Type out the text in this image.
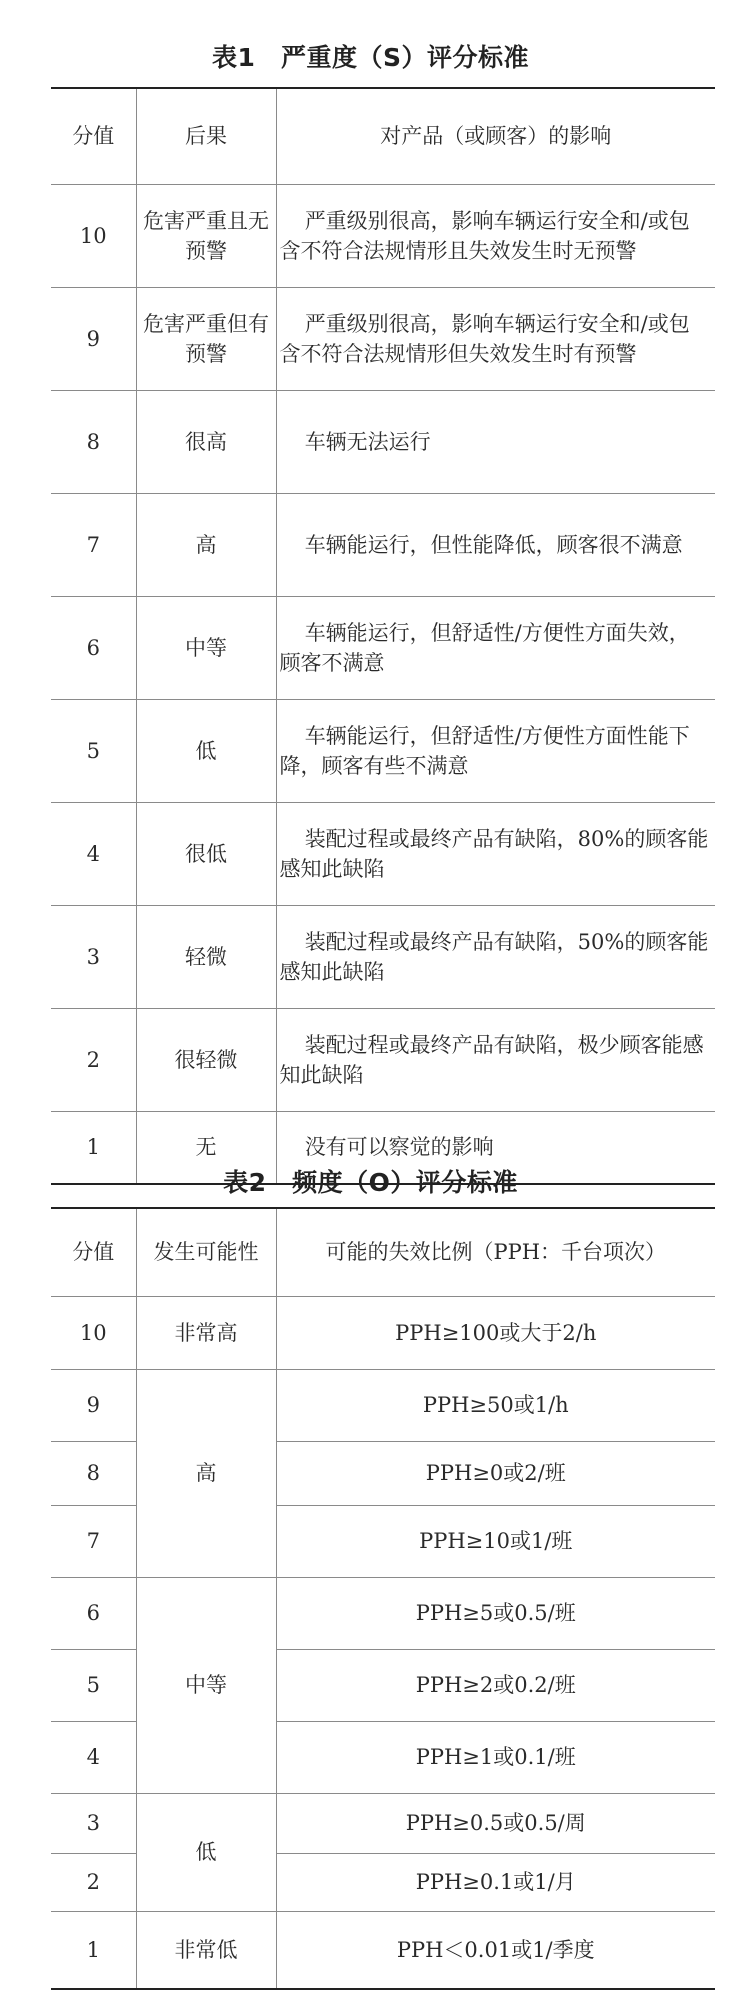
表1　严重度（S）评分标准
分值	后果	对产品（或顾客）的影响
10	危害严重且无预警	严重级别很高，影响车辆运行安全和/或包含不符合法规情形且失效发生时无预警
9	危害严重但有预警	严重级别很高，影响车辆运行安全和/或包含不符合法规情形但失效发生时有预警
8	很高	车辆无法运行
7	高	车辆能运行，但性能降低，顾客很不满意
6	中等	车辆能运行，但舒适性/方便性方面失效，顾客不满意
5	低	车辆能运行，但舒适性/方便性方面性能下降，顾客有些不满意
4	很低	装配过程或最终产品有缺陷，80%的顾客能感知此缺陷
3	轻微	装配过程或最终产品有缺陷，50%的顾客能感知此缺陷
2	很轻微	装配过程或最终产品有缺陷，极少顾客能感知此缺陷
1	无	没有可以察觉的影响
表2　频度（O）评分标准
分值	发生可能性	可能的失效比例（PPH：千台项次）
10	非常高	PPH≥100或大于2/h
9	高	PPH≥50或1/h
8		PPH≥0或2/班
7		PPH≥10或1/班
6	中等	PPH≥5或0.5/班
5		PPH≥2或0.2/班
4		PPH≥1或0.1/班
3	低	PPH≥0.5或0.5/周
2		PPH≥0.1或1/月
1	非常低	PPH＜0.01或1/季度
